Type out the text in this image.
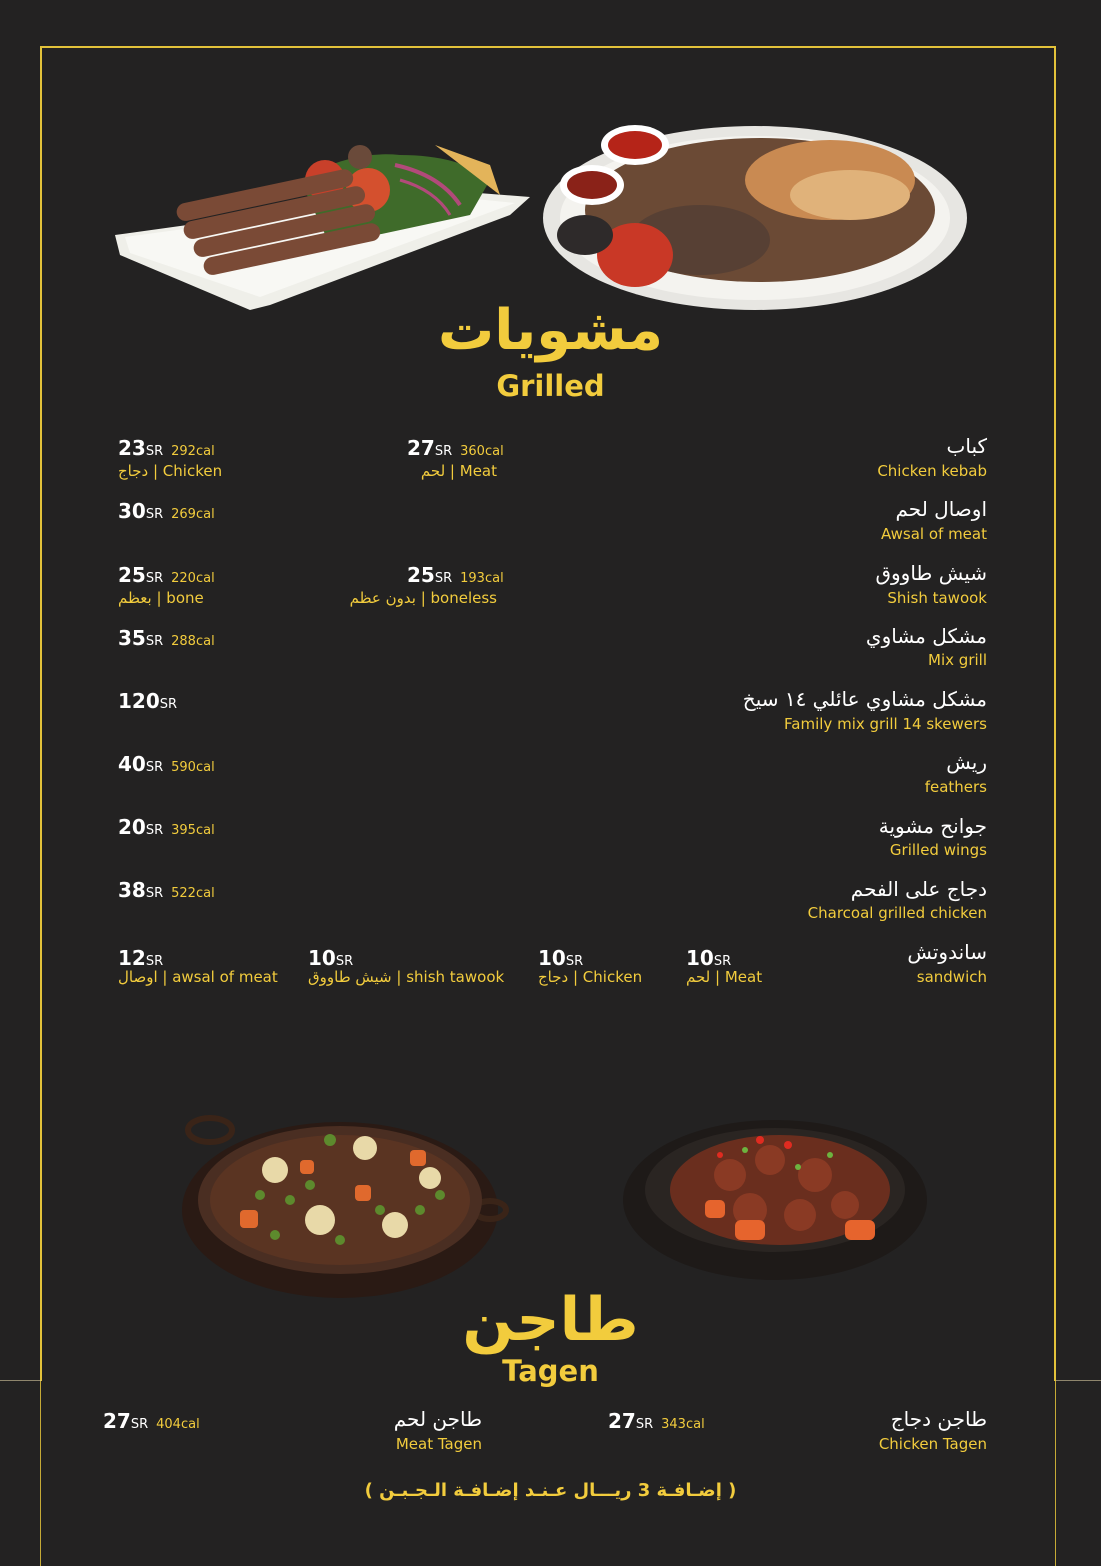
مشويات
Grilled
كباب
Chicken kebab
27SR 360cal
لحم | Meat
23SR 292cal
دجاج | Chicken
اوصال لحم
Awsal of meat
30SR 269cal
شيش طاووق
Shish tawook
25SR 193cal
بدون عظم | boneless
25SR 220cal
بعظم | bone
مشكل مشاوي
Mix grill
35SR 288cal
مشكل مشاوي عائلي ١٤ سيخ
Family mix grill 14 skewers
120SR
ريش
feathers
40SR 590cal
جوانح مشوية
Grilled wings
20SR 395cal
دجاج على الفحم
Charcoal grilled chicken
38SR 522cal
ساندوتش
sandwich
10SR
لحم | Meat
10SR
دجاج | Chicken
10SR
شيش طاووق | shish tawook
12SR
اوصال | awsal of meat
طاجن
Tagen
طاجن دجاج
Chicken Tagen
27SR 343cal
طاجن لحم
Meat Tagen
27SR 404cal
( إضـافـة 3 ريـــال عـنـد إضـافـة الـجـبـن )
